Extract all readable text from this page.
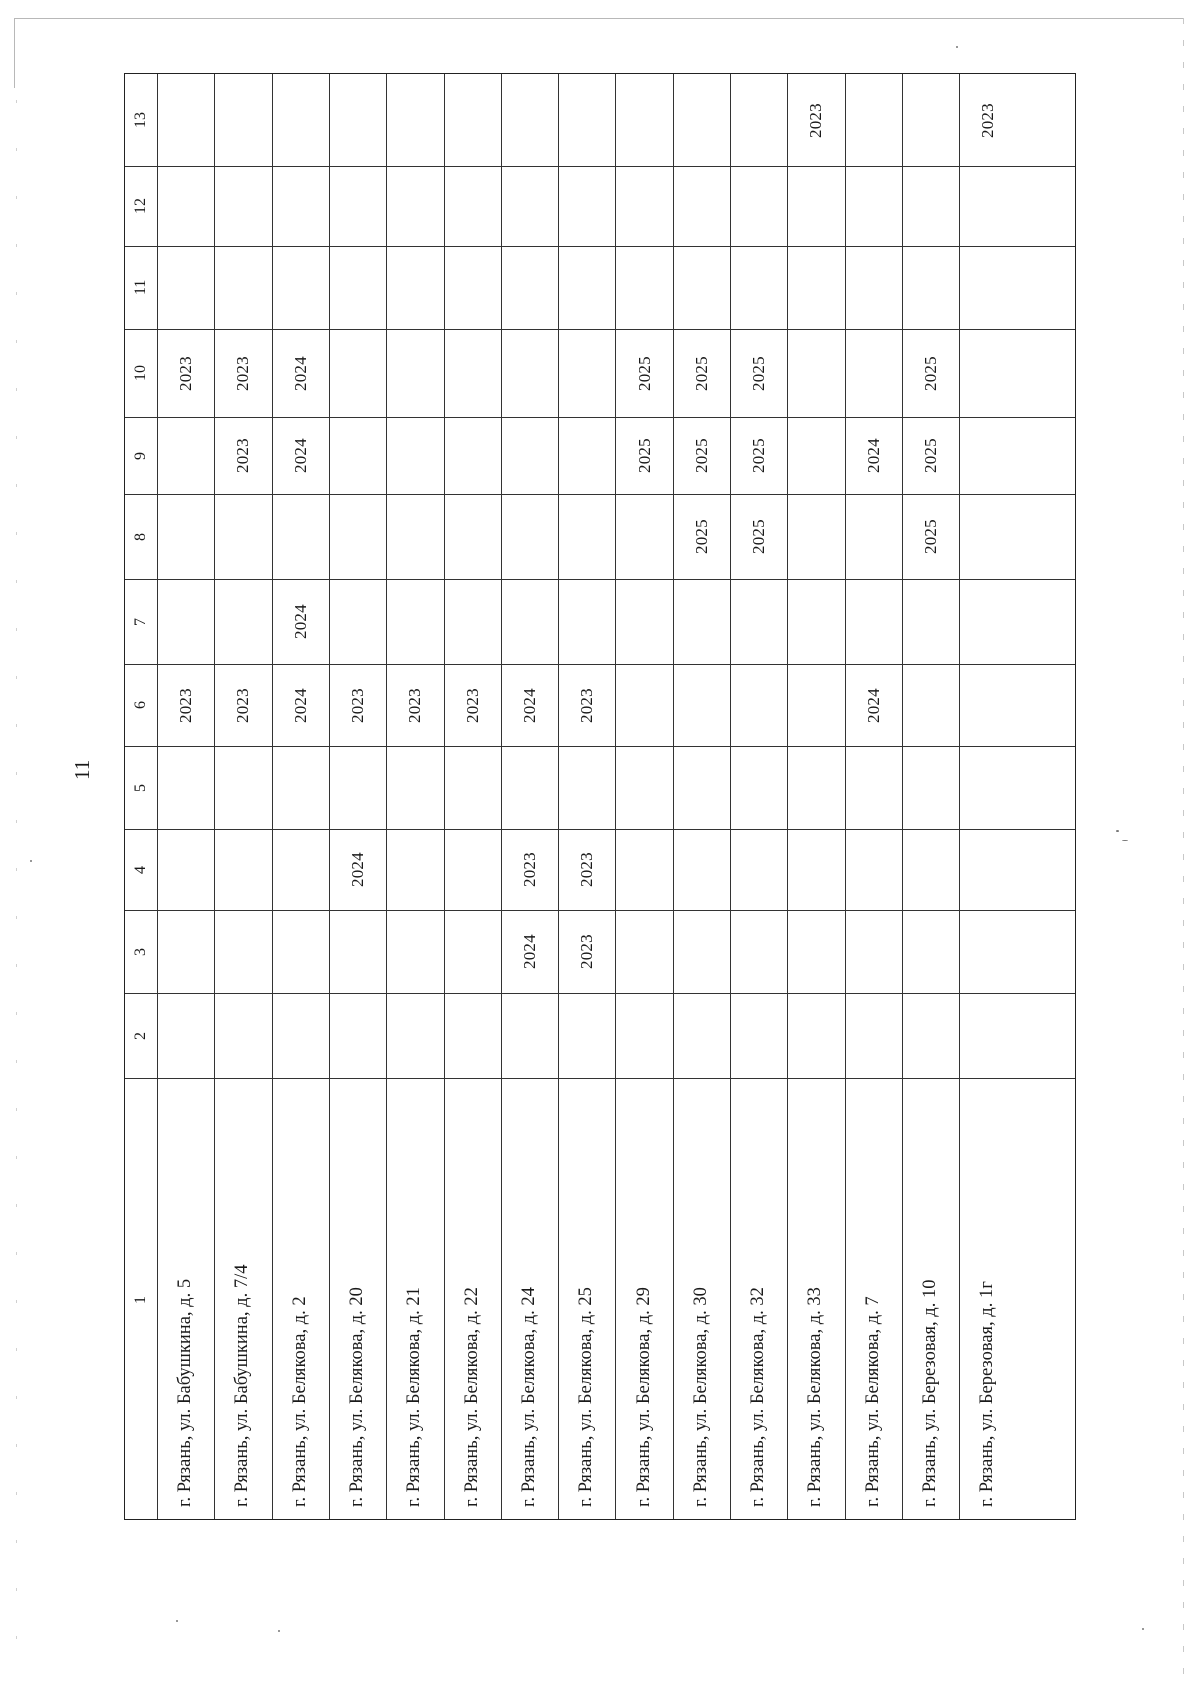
11
1
2
3
4
5
6
7
8
9
10
11
12
13
г. Рязань, ул. Бабушкина, д. 5
2023
2023
г. Рязань, ул. Бабушкина, д. 7/4
2023
2023
2023
г. Рязань, ул. Белякова, д. 2
2024
2024
2024
2024
г. Рязань, ул. Белякова, д. 20
2024
2023
г. Рязань, ул. Белякова, д. 21
2023
г. Рязань, ул. Белякова, д. 22
2023
г. Рязань, ул. Белякова, д. 24
2024
2023
2024
г. Рязань, ул. Белякова, д. 25
2023
2023
2023
г. Рязань, ул. Белякова, д. 29
2025
2025
г. Рязань, ул. Белякова, д. 30
2025
2025
2025
г. Рязань, ул. Белякова, д. 32
2025
2025
2025
г. Рязань, ул. Белякова, д. 33
2023
г. Рязань, ул. Белякова, д. 7
2024
2024
г. Рязань, ул. Березовая, д. 10
2025
2025
2025
г. Рязань, ул. Березовая, д. 1г
2023
